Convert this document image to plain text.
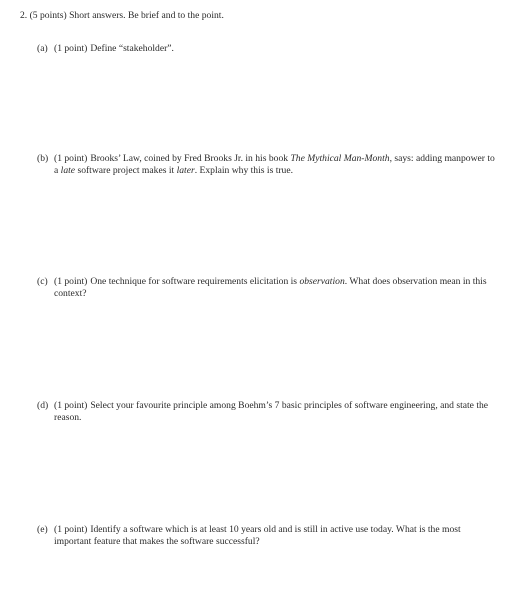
2. (5 points) Short answers. Be brief and to the point.
(a) (1 point) Define “stakeholder”.
(b) (1 point) Brooks’ Law, coined by Fred Brooks Jr. in his book The Mythical Man-Month, says: adding manpower to a late software project makes it later. Explain why this is true.
(c) (1 point) One technique for software requirements elicitation is observation. What does observation mean in this context?
(d) (1 point) Select your favourite principle among Boehm’s 7 basic principles of software engineering, and state the reason.
(e) (1 point) Identify a software which is at least 10 years old and is still in active use today. What is the most important feature that makes the software successful?
